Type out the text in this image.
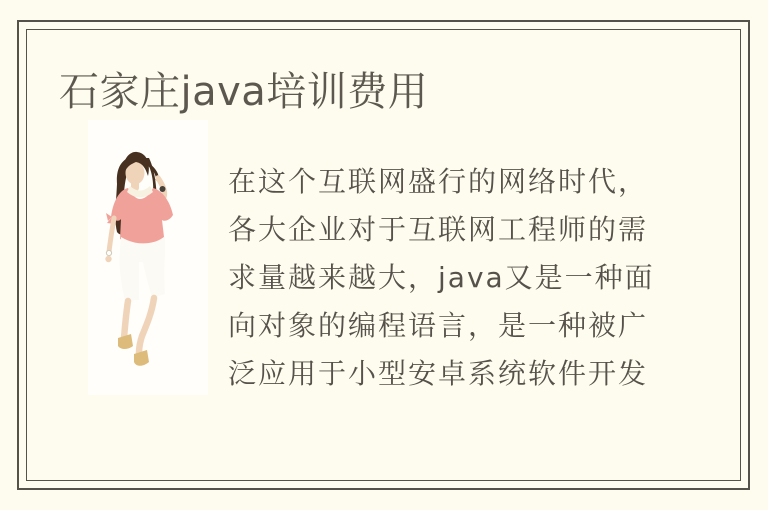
石家庄java培训费用
在这个互联网盛行的网络时代，
各大企业对于互联网工程师的需
求量越来越大，java又是一种面
向对象的编程语言，是一种被广
泛应用于小型安卓系统软件开发
